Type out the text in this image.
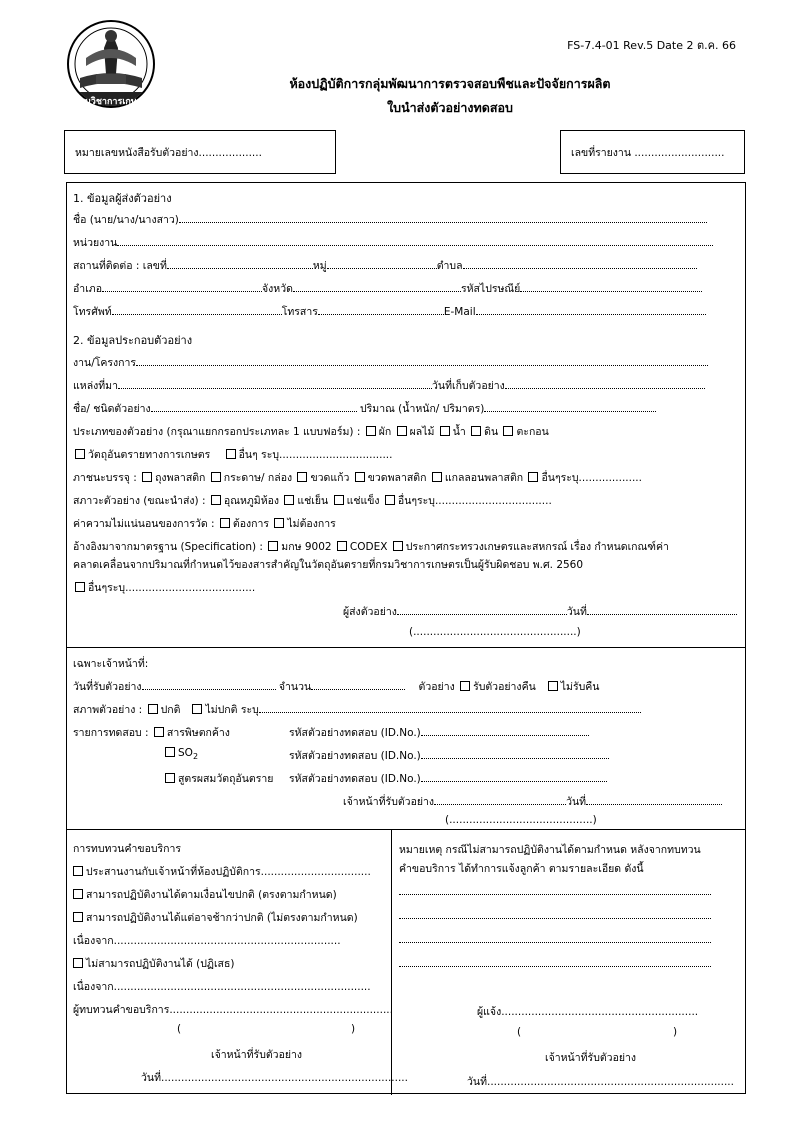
FS-7.4-01 Rev.5 Date 2 ต.ค. 66
กรมวิชาการเกษตร
ห้องปฏิบัติการกลุ่มพัฒนาการตรวจสอบพืชและปัจจัยการผลิต
ใบนำส่งตัวอย่างทดสอบ
หมายเลขหนังสือรับตัวอย่าง...................	เลขที่รายงาน ...........................
1. ข้อมูลผู้ส่งตัวอย่าง
ชื่อ (นาย/นาง/นางสาว)
หน่วยงาน
สถานที่ติดต่อ : เลขที่	หมู่	ตำบล
อำเภอ	จังหวัด	รหัสไปรษณีย์
โทรศัพท์	โทรสาร	E-Mail
2. ข้อมูลประกอบตัวอย่าง
งาน/โครงการ
แหล่งที่มา	วันที่เก็บตัวอย่าง
ชื่อ/ ชนิดตัวอย่าง	ปริมาณ (น้ำหนัก/ ปริมาตร)
ประเภทของตัวอย่าง (กรุณาแยกกรอกประเภทละ 1 แบบฟอร์ม) : ผัก ผลไม้ น้ำ ดิน ตะกอน
วัตถุอันตรายทางการเกษตร	อื่นๆ ระบุ..................................
ภาชนะบรรจุ : ถุงพลาสติก กระดาษ/ กล่อง ขวดแก้ว ขวดพลาสติก แกลลอนพลาสติก อื่นๆระบุ...................
สภาวะตัวอย่าง (ขณะนำส่ง) : อุณหภูมิห้อง แช่เย็น แช่แข็ง อื่นๆระบุ...................................
ค่าความไม่แน่นอนของการวัด : ต้องการ ไม่ต้องการ
อ้างอิงมาจากมาตรฐาน (Specification) : มกษ 9002 CODEX ประกาศกระทรวงเกษตรและสหกรณ์ เรื่อง กำหนดเกณฑ์ค่า
คลาดเคลื่อนจากปริมาณที่กำหนดไว้ของสารสำคัญในวัตถุอันตรายที่กรมวิชาการเกษตรเป็นผู้รับผิดชอบ พ.ศ. 2560
อื่นๆระบุ.......................................
ผู้ส่งตัวอย่าง	วันที่
(.................................................)
เฉพาะเจ้าหน้าที่:
วันที่รับตัวอย่าง	จำนวน	ตัวอย่าง รับตัวอย่างคืน ไม่รับคืน
สภาพตัวอย่าง : ปกติ ไม่ปกติ ระบุ
รายการทดสอบ : สารพิษตกค้าง	รหัสตัวอย่างทดสอบ (ID.No.)
$SO_2$	รหัสตัวอย่างทดสอบ (ID.No.)
สูตรผสมวัตถุอันตราย รหัสตัวอย่างทดสอบ (ID.No.)
เจ้าหน้าที่รับตัวอย่าง	วันที่
(...........................................)
การทบทวนคำขอบริการ
ประสานงานกับเจ้าหน้าที่ห้องปฏิบัติการ.................................
สามารถปฏิบัติงานได้ตามเงื่อนไขปกติ (ตรงตามกำหนด)
สามารถปฏิบัติงานได้แต่อาจช้ากว่าปกติ (ไม่ตรงตามกำหนด)
เนื่องจาก....................................................................
ไม่สามารถปฏิบัติงานได้ (ปฏิเสธ)
เนื่องจาก.............................................................................
ผู้ทบทวนคำขอบริการ...................................................................
(	)
เจ้าหน้าที่รับตัวอย่าง
วันที่..........................................................................
หมายเหตุ กรณีไม่สามารถปฏิบัติงานได้ตามกำหนด หลังจากทบทวน
คำขอบริการ ได้ทำการแจ้งลูกค้า ตามรายละเอียด ดังนี้
ผู้แจ้ง...........................................................
(	)
เจ้าหน้าที่รับตัวอย่าง
วันที่..........................................................................
